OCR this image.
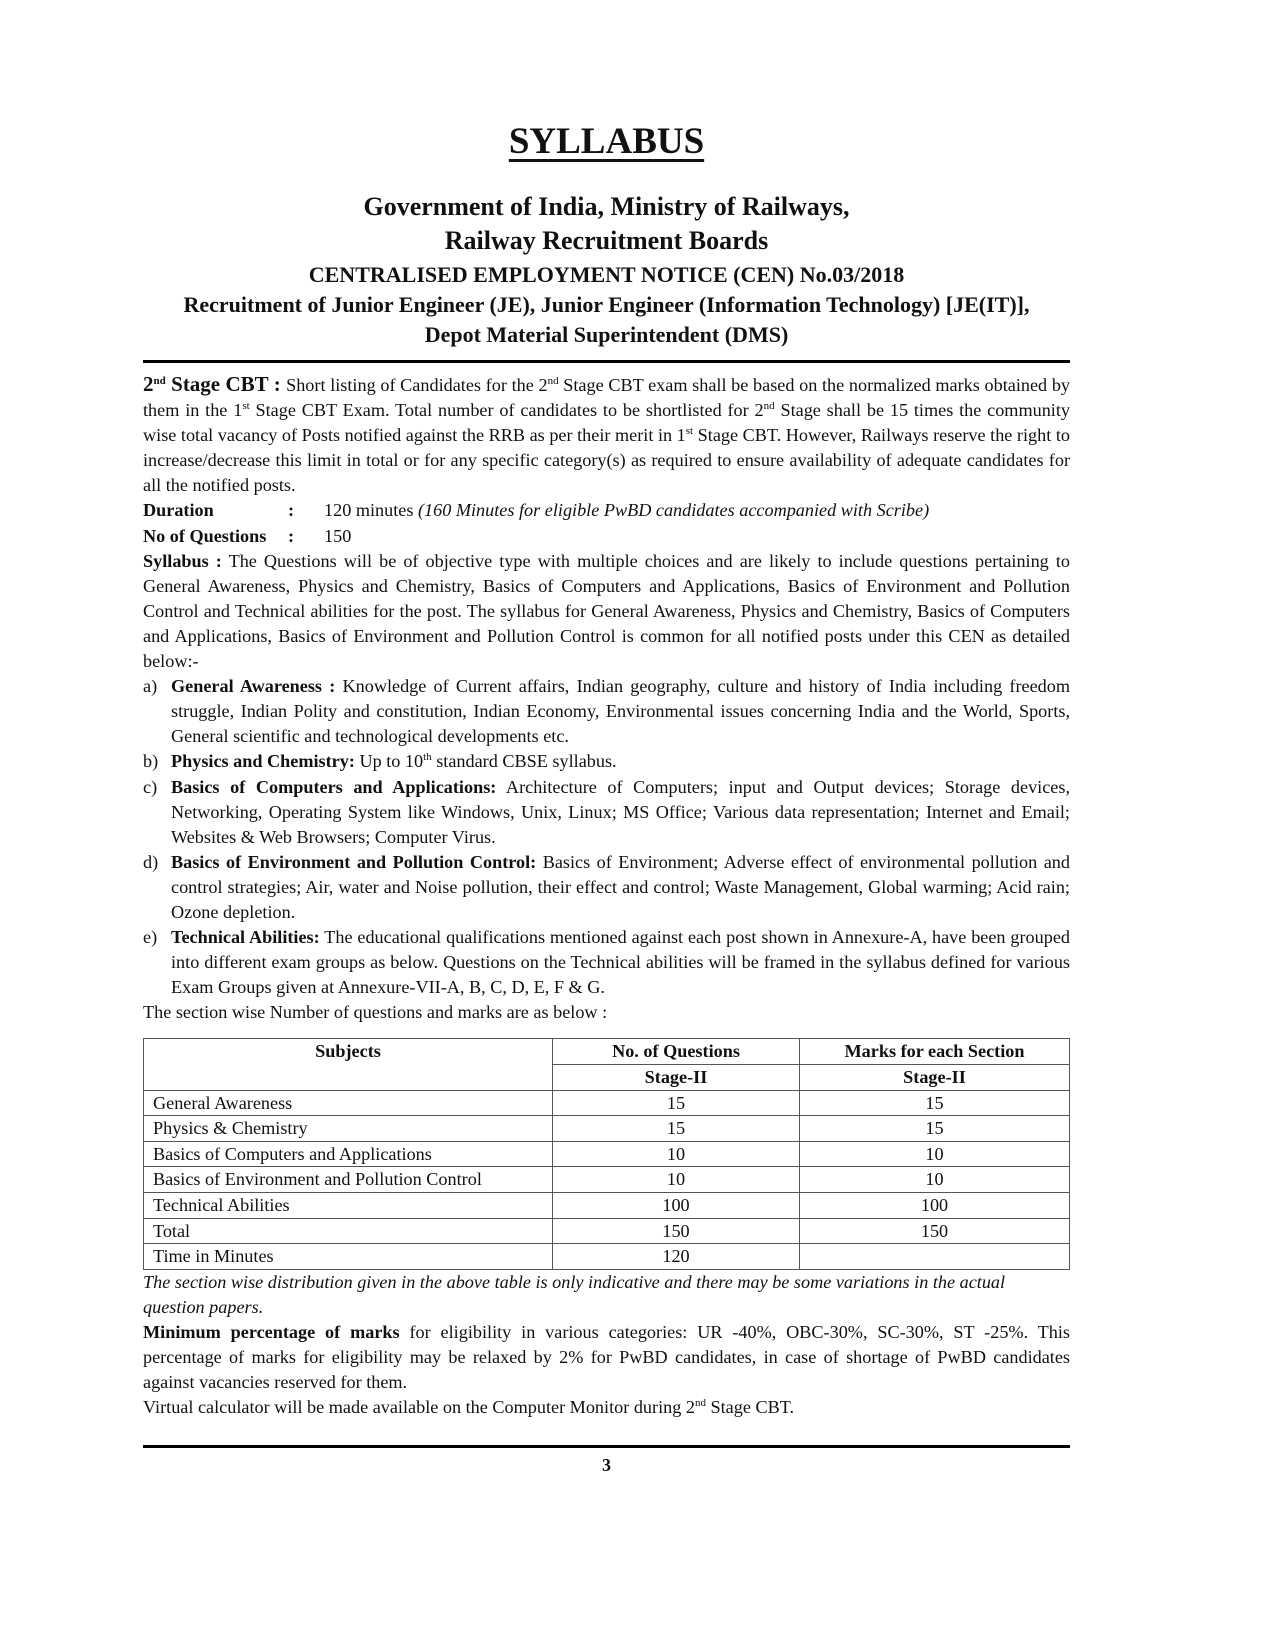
SYLLABUS
Government of India, Ministry of Railways,
Railway Recruitment Boards
CENTRALISED EMPLOYMENT NOTICE (CEN) No.03/2018
Recruitment of Junior Engineer (JE), Junior Engineer (Information Technology) [JE(IT)],
Depot Material Superintendent (DMS)

2nd Stage CBT : Short listing of Candidates for the 2nd Stage CBT exam shall be based on the normalized marks obtained by them in the 1st Stage CBT Exam. Total number of candidates to be shortlisted for 2nd Stage shall be 15 times the community wise total vacancy of Posts notified against the RRB as per their merit in 1st Stage CBT. However, Railways reserve the right to increase/decrease this limit in total or for any specific category(s) as required to ensure availability of adequate candidates for all the notified posts.

Duration	:	120 minutes (160 Minutes for eligible PwBD candidates accompanied with Scribe)
No of Questions	:	150

Syllabus : The Questions will be of objective type with multiple choices and are likely to include questions pertaining to General Awareness, Physics and Chemistry, Basics of Computers and Applications, Basics of Environment and Pollution Control and Technical abilities for the post. The syllabus for General Awareness, Physics and Chemistry, Basics of Computers and Applications, Basics of Environment and Pollution Control is common for all notified posts under this CEN as detailed below:-

a) General Awareness : Knowledge of Current affairs, Indian geography, culture and history of India including freedom struggle, Indian Polity and constitution, Indian Economy, Environmental issues concerning India and the World, Sports, General scientific and technological developments etc.
b) Physics and Chemistry: Up to 10th standard CBSE syllabus.
c) Basics of Computers and Applications: Architecture of Computers; input and Output devices; Storage devices, Networking, Operating System like Windows, Unix, Linux; MS Office; Various data representation; Internet and Email; Websites & Web Browsers; Computer Virus.
d) Basics of Environment and Pollution Control: Basics of Environment; Adverse effect of environmental pollution and control strategies; Air, water and Noise pollution, their effect and control; Waste Management, Global warming; Acid rain; Ozone depletion.
e) Technical Abilities: The educational qualifications mentioned against each post shown in Annexure-A, have been grouped into different exam groups as below. Questions on the Technical abilities will be framed in the syllabus defined for various Exam Groups given at Annexure-VII-A, B, C, D, E, F & G.

The section wise Number of questions and marks are as below :

Subjects	No. of Questions	Marks for each Section
	Stage-II	Stage-II
General Awareness	15	15
Physics & Chemistry	15	15
Basics of Computers and Applications	10	10
Basics of Environment and Pollution Control	10	10
Technical Abilities	100	100
Total	150	150
Time in Minutes	120	

The section wise distribution given in the above table is only indicative and there may be some variations in the actual question papers.

Minimum percentage of marks for eligibility in various categories: UR -40%, OBC-30%, SC-30%, ST -25%. This percentage of marks for eligibility may be relaxed by 2% for PwBD candidates, in case of shortage of PwBD candidates against vacancies reserved for them.

Virtual calculator will be made available on the Computer Monitor during 2nd Stage CBT.

3
